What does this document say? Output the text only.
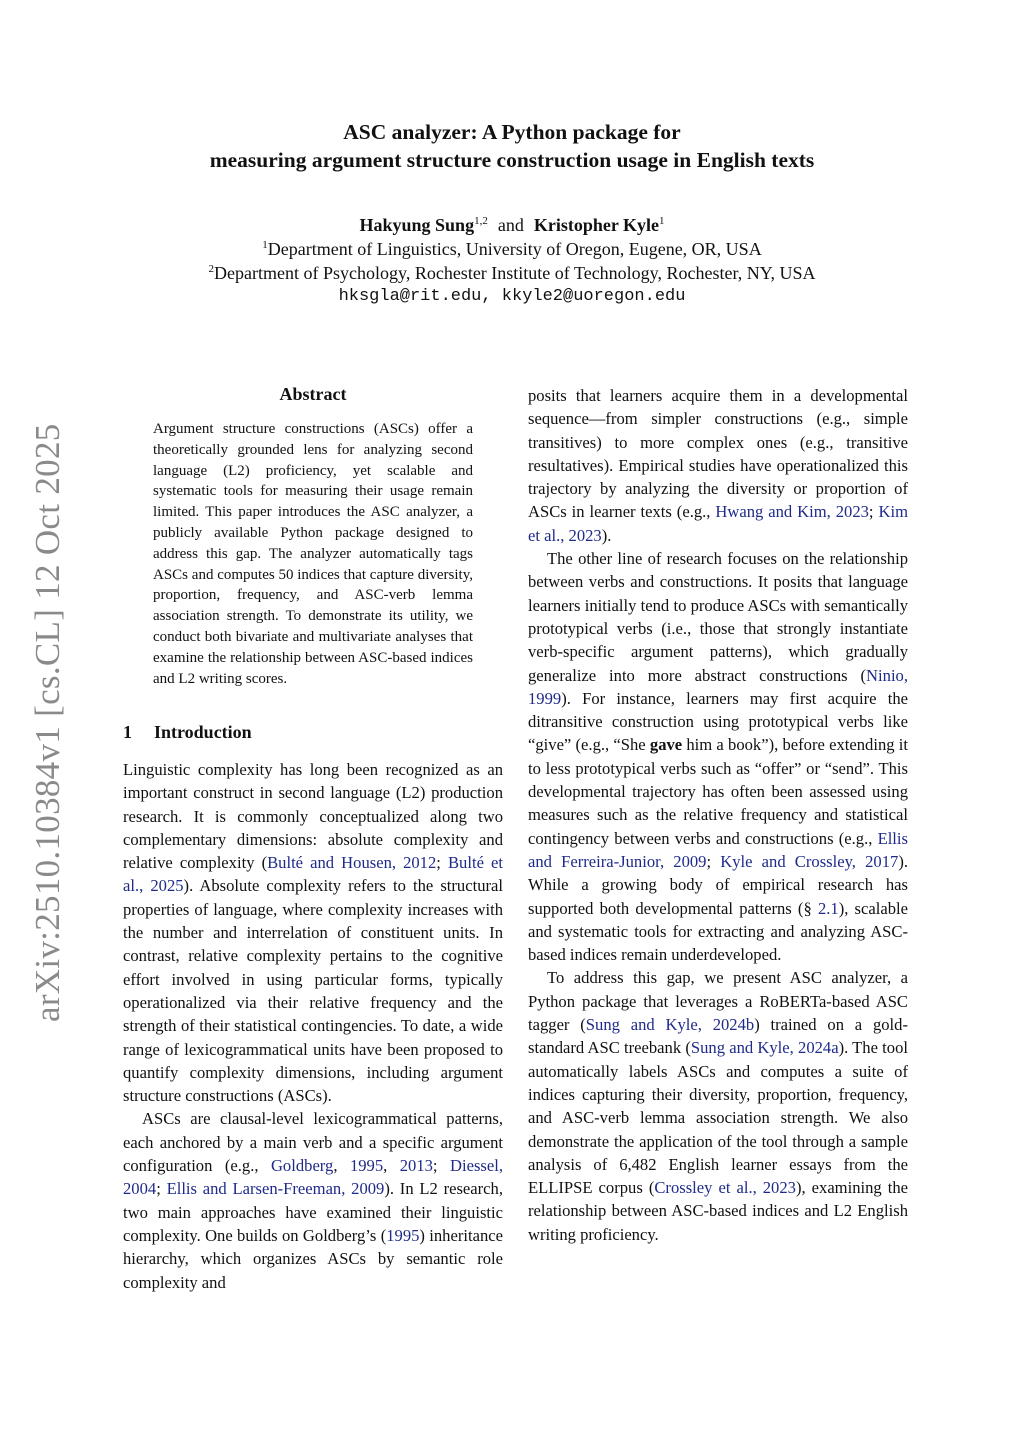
arXiv:2510.10384v1 [cs.CL] 12 Oct 2025
ASC analyzer: A Python package for
measuring argument structure construction usage in English texts
Hakyung Sung$^{1,2}$ and Kristopher Kyle$^1$
$^1$Department of Linguistics, University of Oregon, Eugene, OR, USA
$^2$Department of Psychology, Rochester Institute of Technology, Rochester, NY, USA
hksgla@rit.edu, kkyle2@uoregon.edu
Abstract
Argument structure constructions (ASCs) offer a theoretically grounded lens for analyzing second language (L2) proficiency, yet scalable and systematic tools for measuring their usage remain limited. This paper introduces the ASC analyzer, a publicly available Python package designed to address this gap. The analyzer automatically tags ASCs and computes 50 indices that capture diversity, proportion, frequency, and ASC-verb lemma association strength. To demonstrate its utility, we conduct both bivariate and multivariate analyses that examine the relationship between ASC-based indices and L2 writing scores.
1 Introduction

Linguistic complexity has long been recognized as an important construct in second language (L2) production research. It is commonly conceptualized along two complementary dimensions: absolute complexity and relative complexity (Bulté and Housen, 2012; Bulté et al., 2025). Absolute complexity refers to the structural properties of language, where complexity increases with the number and interrelation of constituent units. In contrast, relative complexity pertains to the cognitive effort involved in using particular forms, typically operationalized via their relative frequency and the strength of their statistical contingencies. To date, a wide range of lexicogrammatical units have been proposed to quantify complexity dimensions, including argument structure constructions (ASCs).

ASCs are clausal-level lexicogrammatical patterns, each anchored by a main verb and a specific argument configuration (e.g., Goldberg, 1995, 2013; Diessel, 2004; Ellis and Larsen-Freeman, 2009). In L2 research, two main approaches have examined their linguistic complexity. One builds on Goldberg’s (1995) inheritance hierarchy, which organizes ASCs by semantic role complexity and

posits that learners acquire them in a developmental sequence—from simpler constructions (e.g., simple transitives) to more complex ones (e.g., transitive resultatives). Empirical studies have operationalized this trajectory by analyzing the diversity or proportion of ASCs in learner texts (e.g., Hwang and Kim, 2023; Kim et al., 2023).

The other line of research focuses on the relationship between verbs and constructions. It posits that language learners initially tend to produce ASCs with semantically prototypical verbs (i.e., those that strongly instantiate verb-specific argument patterns), which gradually generalize into more abstract constructions (Ninio, 1999). For instance, learners may first acquire the ditransitive construction using prototypical verbs like “give” (e.g., “She gave him a book”), before extending it to less prototypical verbs such as “offer” or “send”. This developmental trajectory has often been assessed using measures such as the relative frequency and statistical contingency between verbs and constructions (e.g., Ellis and Ferreira-Junior, 2009; Kyle and Crossley, 2017). While a growing body of empirical research has supported both developmental patterns (§ 2.1), scalable and systematic tools for extracting and analyzing ASC-based indices remain underdeveloped.

To address this gap, we present ASC analyzer, a Python package that leverages a RoBERTa-based ASC tagger (Sung and Kyle, 2024b) trained on a gold-standard ASC treebank (Sung and Kyle, 2024a). The tool automatically labels ASCs and computes a suite of indices capturing their diversity, proportion, frequency, and ASC-verb lemma association strength. We also demonstrate the application of the tool through a sample analysis of 6,482 English learner essays from the ELLIPSE corpus (Crossley et al., 2023), examining the relationship between ASC-based indices and L2 English writing proficiency.
